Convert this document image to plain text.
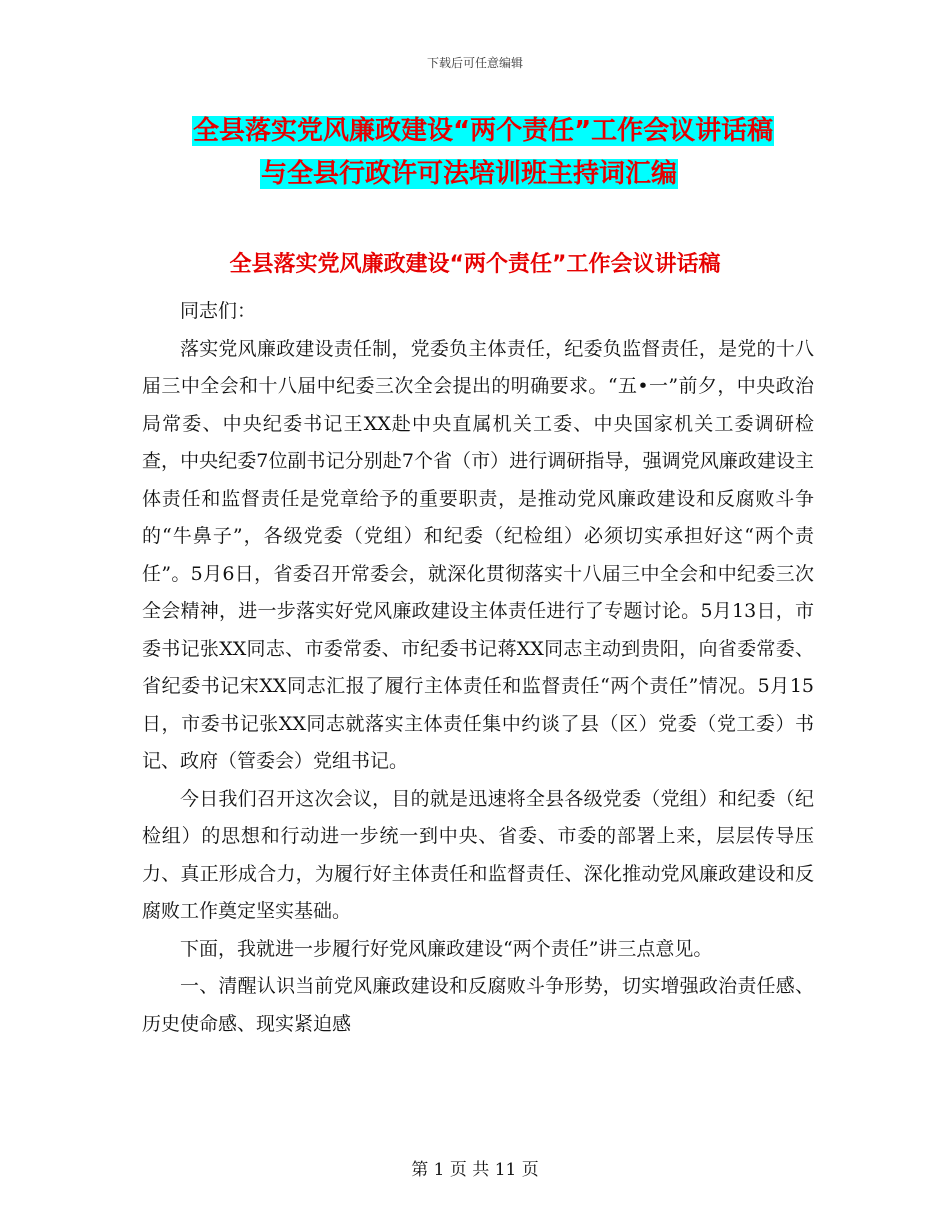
下载后可任意编辑
全县落实党风廉政建设“两个责任”工作会议讲话稿
与全县行政许可法培训班主持词汇编
全县落实党风廉政建设“两个责任”工作会议讲话稿

同志们：

落实党风廉政建设责任制，党委负主体责任，纪委负监督责任，是党的十八届三中全会和十八届中纪委三次全会提出的明确要求。“五•一”前夕，中央政治局常委、中央纪委书记王XX赴中央直属机关工委、中央国家机关工委调研检查，中央纪委7位副书记分别赴7个省（市）进行调研指导，强调党风廉政建设主体责任和监督责任是党章给予的重要职责，是推动党风廉政建设和反腐败斗争的“牛鼻子”，各级党委（党组）和纪委（纪检组）必须切实承担好这“两个责任”。5月6日，省委召开常委会，就深化贯彻落实十八届三中全会和中纪委三次全会精神，进一步落实好党风廉政建设主体责任进行了专题讨论。5月13日，市委书记张XX同志、市委常委、市纪委书记蒋XX同志主动到贵阳，向省委常委、省纪委书记宋XX同志汇报了履行主体责任和监督责任“两个责任”情况。5月15日，市委书记张XX同志就落实主体责任集中约谈了县（区）党委（党工委）书记、政府（管委会）党组书记。

今日我们召开这次会议，目的就是迅速将全县各级党委（党组）和纪委（纪检组）的思想和行动进一步统一到中央、省委、市委的部署上来，层层传导压力、真正形成合力，为履行好主体责任和监督责任、深化推动党风廉政建设和反腐败工作奠定坚实基础。

下面，我就进一步履行好党风廉政建设“两个责任”讲三点意见。

一、清醒认识当前党风廉政建设和反腐败斗争形势，切实增强政治责任感、历史使命感、现实紧迫感

第 1 页 共 11 页
